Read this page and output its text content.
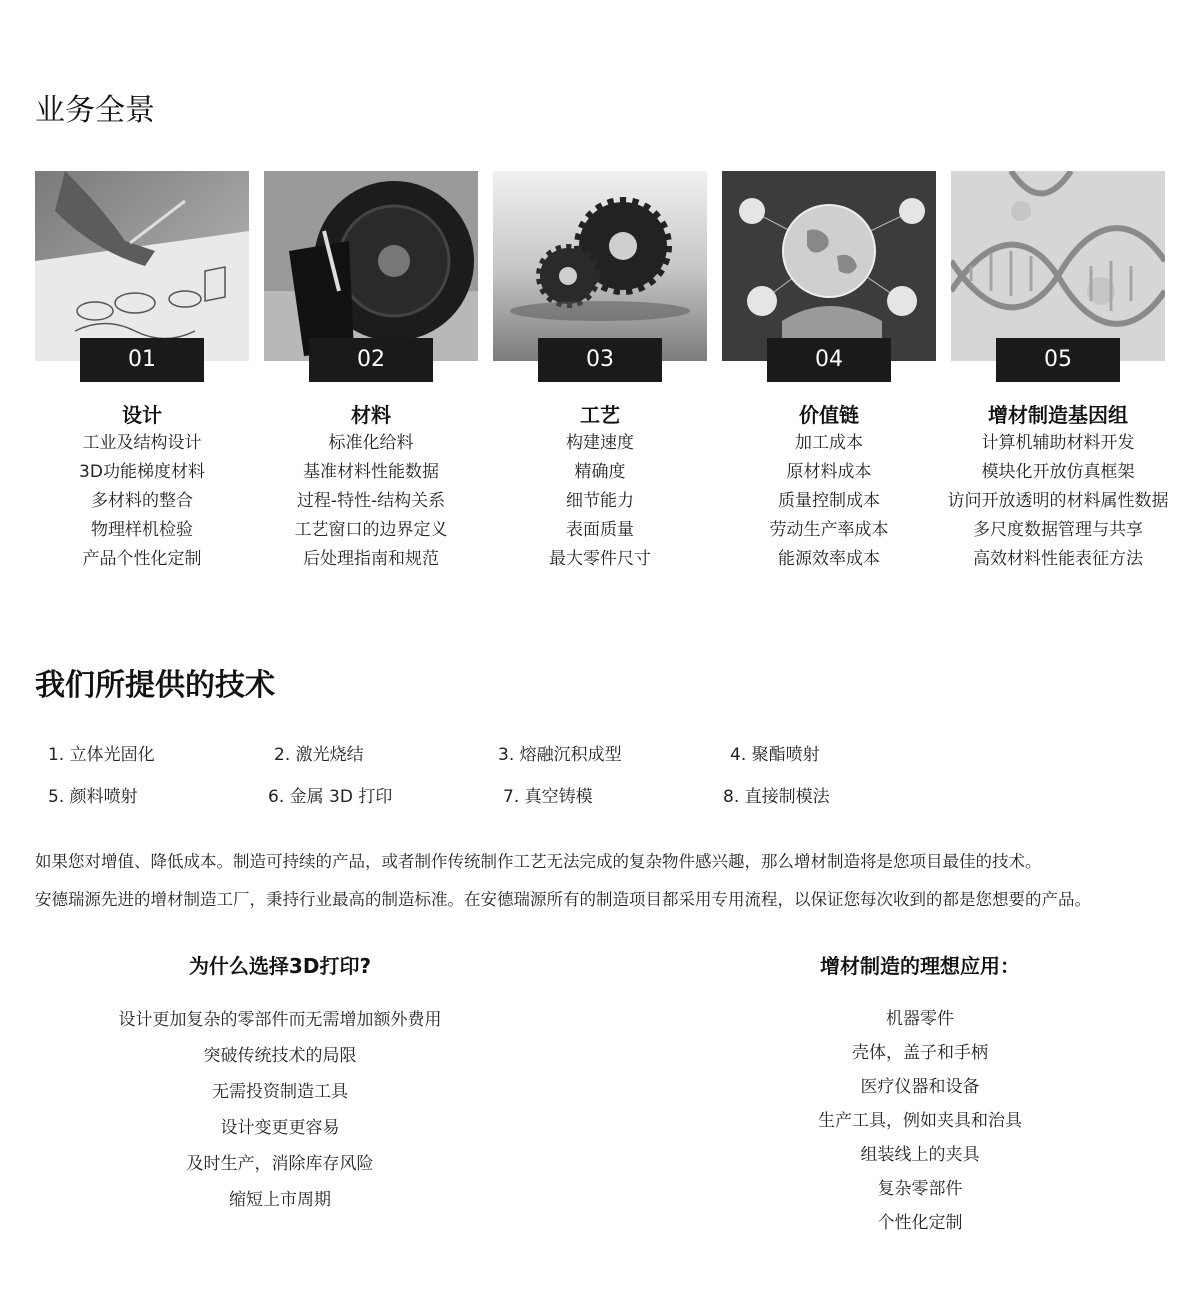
业务全景
01
设计
工业及结构设计
3D功能梯度材料
多材料的整合
物理样机检验
产品个性化定制
02
材料
标准化给料
基准材料性能数据
过程-特性-结构关系
工艺窗口的边界定义
后处理指南和规范
03
工艺
构建速度
精确度
细节能力
表面质量
最大零件尺寸
04
价值链
加工成本
原材料成本
质量控制成本
劳动生产率成本
能源效率成本
05
增材制造基因组
计算机辅助材料开发
模块化开放仿真框架
访问开放透明的材料属性数据
多尺度数据管理与共享
高效材料性能表征方法
我们所提供的技术
1. 立体光固化	2. 激光烧结	3. 熔融沉积成型	4. 聚酯喷射
5. 颜料喷射	6. 金属 3D 打印	7. 真空铸模	8. 直接制模法
如果您对增值、降低成本。制造可持续的产品，或者制作传统制作工艺无法完成的复杂物件感兴趣，那么增材制造将是您项目最佳的技术。
安德瑞源先进的增材制造工厂，秉持行业最高的制造标准。在安德瑞源所有的制造项目都采用专用流程，以保证您每次收到的都是您想要的产品。
为什么选择3D打印?
设计更加复杂的零部件而无需增加额外费用
突破传统技术的局限
无需投资制造工具
设计变更更容易
及时生产，消除库存风险
缩短上市周期
增材制造的理想应用：
机器零件
壳体，盖子和手柄
医疗仪器和设备
生产工具，例如夹具和治具
组装线上的夹具
复杂零部件
个性化定制
